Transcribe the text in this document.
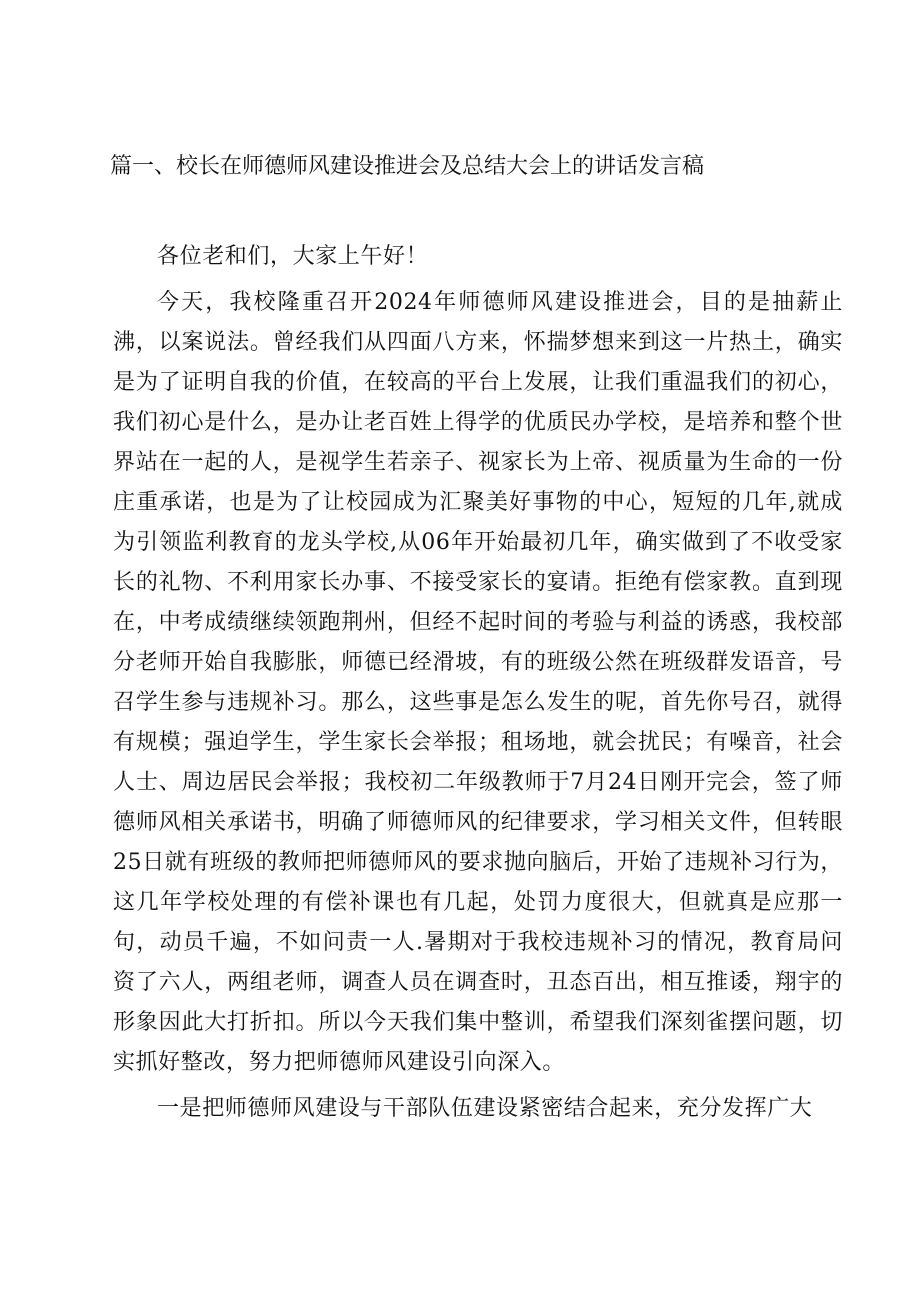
篇一、校长在师德师风建设推进会及总结大会上的讲话发言稿

各位老和们，大家上午好！

今天，我校隆重召开2024年师德师风建设推进会，目的是抽薪止沸，以案说法。曾经我们从四面八方来，怀揣梦想来到这一片热土，确实是为了证明自我的价值，在较高的平台上发展，让我们重温我们的初心，我们初心是什么，是办让老百姓上得学的优质民办学校，是培养和整个世界站在一起的人，是视学生若亲子、视家长为上帝、视质量为生命的一份庄重承诺，也是为了让校园成为汇聚美好事物的中心，短短的几年,就成为引领监利教育的龙头学校,从06年开始最初几年，确实做到了不收受家长的礼物、不利用家长办事、不接受家长的宴请。拒绝有偿家教。直到现在，中考成绩继续领跑荆州，但经不起时间的考验与利益的诱惑，我校部分老师开始自我膨胀，师德已经滑坡，有的班级公然在班级群发语音，号召学生参与违规补习。那么，这些事是怎么发生的呢，首先你号召，就得有规模；强迫学生，学生家长会举报；租场地，就会扰民；有噪音，社会人士、周边居民会举报；我校初二年级教师于7月24日刚开完会，签了师德师风相关承诺书，明确了师德师风的纪律要求，学习相关文件，但转眼25日就有班级的教师把师德师风的要求抛向脑后，开始了违规补习行为，这几年学校处理的有偿补课也有几起，处罚力度很大，但就真是应那一句，动员千遍，不如问责一人.暑期对于我校违规补习的情况，教育局问资了六人，两组老师，调查人员在调查时，丑态百出，相互推诿，翔宇的形象因此大打折扣。所以今天我们集中整训，希望我们深刻雀摆问题，切实抓好整改，努力把师德师风建设引向深入。

一是把师德师风建设与干部队伍建设紧密结合起来，充分发挥广大
